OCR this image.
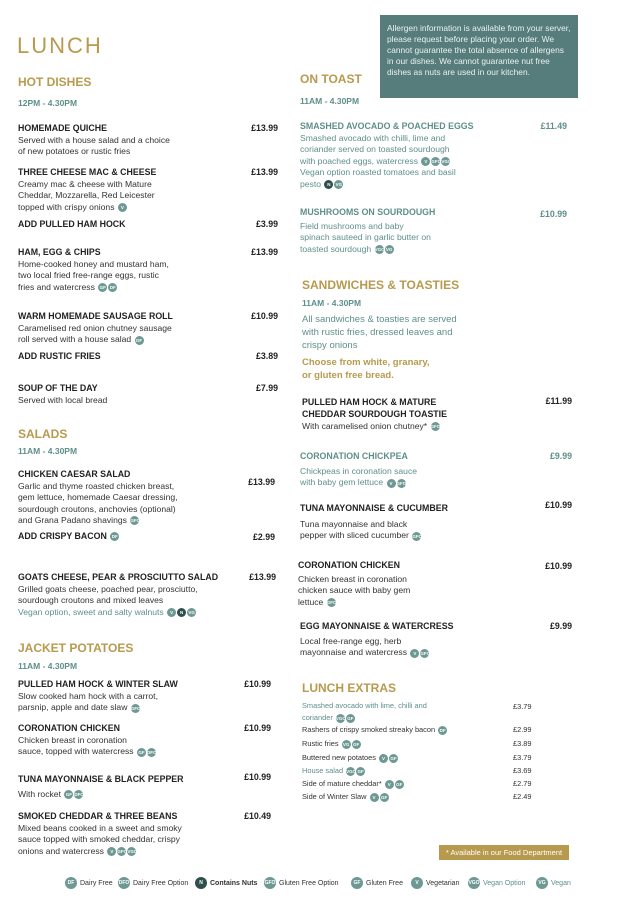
LUNCH
Allergen information is available from your server, please request before placing your order. We cannot guarantee the total absence of allergens in our dishes. We cannot guarantee nut free dishes as nuts are used in our kitchen.
HOT DISHES
12PM - 4.30PM
HOMEMADE QUICHE	£13.99
Served with a house salad and a choice
of new potatoes or rustic fries
THREE CHEESE MAC & CHEESE	£13.99
Creamy mac & cheese with Mature
Cheddar, Mozzarella, Red Leicester
topped with crispy onions V
ADD PULLED HAM HOCK	£3.99
HAM, EGG & CHIPS	£13.99
Home-cooked honey and mustard ham,
two local fried free-range eggs, rustic
fries and watercress GF DF
WARM HOMEMADE SAUSAGE ROLL	£10.99
Caramelised red onion chutney sausage
roll served with a house salad DF
ADD RUSTIC FRIES	£3.89
SOUP OF THE DAY	£7.99
Served with local bread
SALADS
11AM - 4.30PM
CHICKEN CAESAR SALAD
£13.99
Garlic and thyme roasted chicken breast,
gem lettuce, homemade Caesar dressing,
sourdough croutons, anchovies (optional)
and Grana Padano shavings GFO
ADD CRISPY BACON DF	£2.99
GOATS CHEESE, PEAR & PROSCIUTTO SALAD	£13.99
Grilled goats cheese, poached pear, prosciutto,
sourdough croutons and mixed leaves
Vegan option, sweet and salty walnuts V N VG
JACKET POTATOES
11AM - 4.30PM
PULLED HAM HOCK & WINTER SLAW	£10.99
Slow cooked ham hock with a carrot,
parsnip, apple and date slaw GFO
CORONATION CHICKEN	£10.99
Chicken breast in coronation
sauce, topped with watercress GF DFO
TUNA MAYONNAISE & BLACK PEPPER	£10.99
With rocket GF DFO
SMOKED CHEDDAR & THREE BEANS	£10.49
Mixed beans cooked in a sweet and smoky
sauce topped with smoked cheddar, crispy
onions and watercress V GFOVGO
ON TOAST
11AM - 4.30PM
SMASHED AVOCADO & POACHED EGGS	£11.49
Smashed avocado with chilli, lime and
coriander served on toasted sourdough
with poached eggs, watercress V GFOVGO
Vegan option roasted tomatoes and basil
pesto N VG
MUSHROOMS ON SOURDOUGH	£10.99
Field mushrooms and baby
spinach sauteed in garlic butter on
toasted sourdough VGOVG
SANDWICHES & TOASTIES
11AM - 4.30PM
All sandwiches & toasties are served
with rustic fries, dressed leaves and
crispy onions
Choose from white, granary,
or gluten free bread.
PULLED HAM HOCK & MATURE
CHEDDAR SOURDOUGH TOASTIE
£11.99
With caramelised onion chutney* GFO
CORONATION CHICKPEA	£9.99
Chickpeas in coronation sauce
with baby gem lettuce V GFO
TUNA MAYONNAISE & CUCUMBER	£10.99
Tuna mayonnaise and black
pepper with sliced cucumber GFO
CORONATION CHICKEN	£10.99
Chicken breast in coronation
chicken sauce with baby gem
lettuce GFO
EGG MAYONNAISE & WATERCRESS	£9.99
Local free-range egg, herb
mayonnaise and watercress V GFO
LUNCH EXTRAS
Smashed avocado with lime, chilli and
coriander VGOGF
£3.79
Rashers of crispy smoked streaky bacon DF	£2.99
Rustic fries VG GF	£3.89
Buttered new potatoes V GF	£3.79
House salad VGOGF	£3.69
Side of mature cheddar* V GF	£2.79
Side of Winter Slaw V GF	£2.49
* Available in our Food Department
DF Dairy Free DFO Dairy Free Option	N Contains Nuts GFO Gluten Free Option	GF Gluten Free	V Vegetarian VGO Vegan Option	VG Vegan
